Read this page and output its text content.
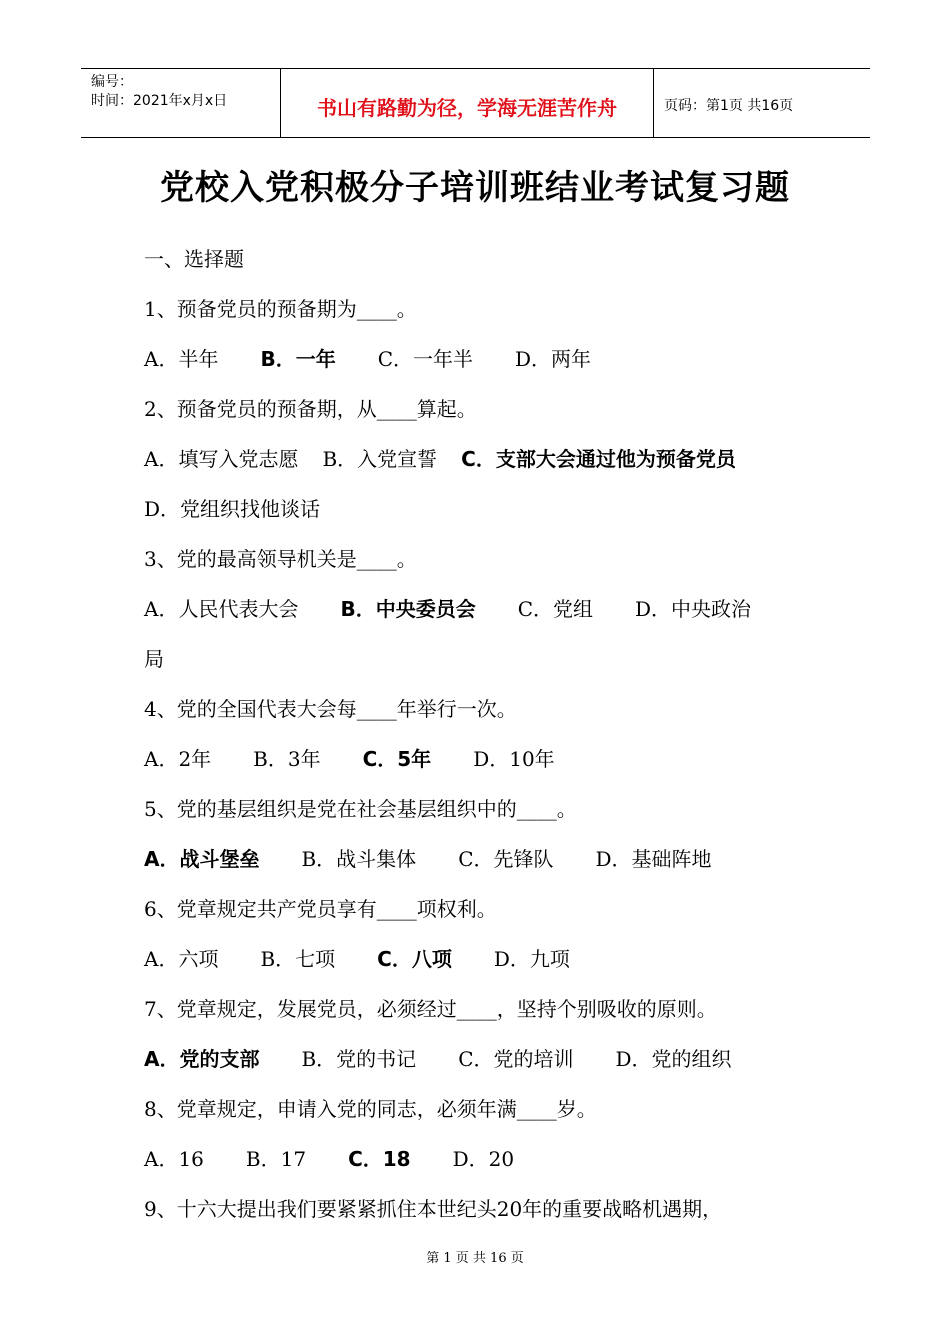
编号：
时间：2021年x月x日	书山有路勤为径，学海无涯苦作舟	页码：第1页 共16页
党校入党积极分子培训班结业考试复习题
一、选择题
1、预备党员的预备期为____。
A．半年 B．一年 C．一年半 D．两年
2、预备党员的预备期，从____算起。
A．填写入党志愿 B．入党宣誓 C．支部大会通过他为预备党员
D．党组织找他谈话
3、党的最高领导机关是____。
A．人民代表大会 B．中央委员会 C．党组 D．中央政治
局
4、党的全国代表大会每____年举行一次。
A．2年 B．3年 C．5年 D．10年
5、党的基层组织是党在社会基层组织中的____。
A．战斗堡垒 B．战斗集体 C．先锋队 D．基础阵地
6、党章规定共产党员享有____项权利。
A．六项 B．七项 C．八项 D．九项
7、党章规定，发展党员，必须经过____，坚持个别吸收的原则。
A．党的支部 B．党的书记 C．党的培训 D．党的组织
8、党章规定，申请入党的同志，必须年满____岁。
A．16 B．17 C．18 D．20
9、十六大提出我们要紧紧抓住本世纪头20年的重要战略机遇期，
第 1 页 共 16 页
